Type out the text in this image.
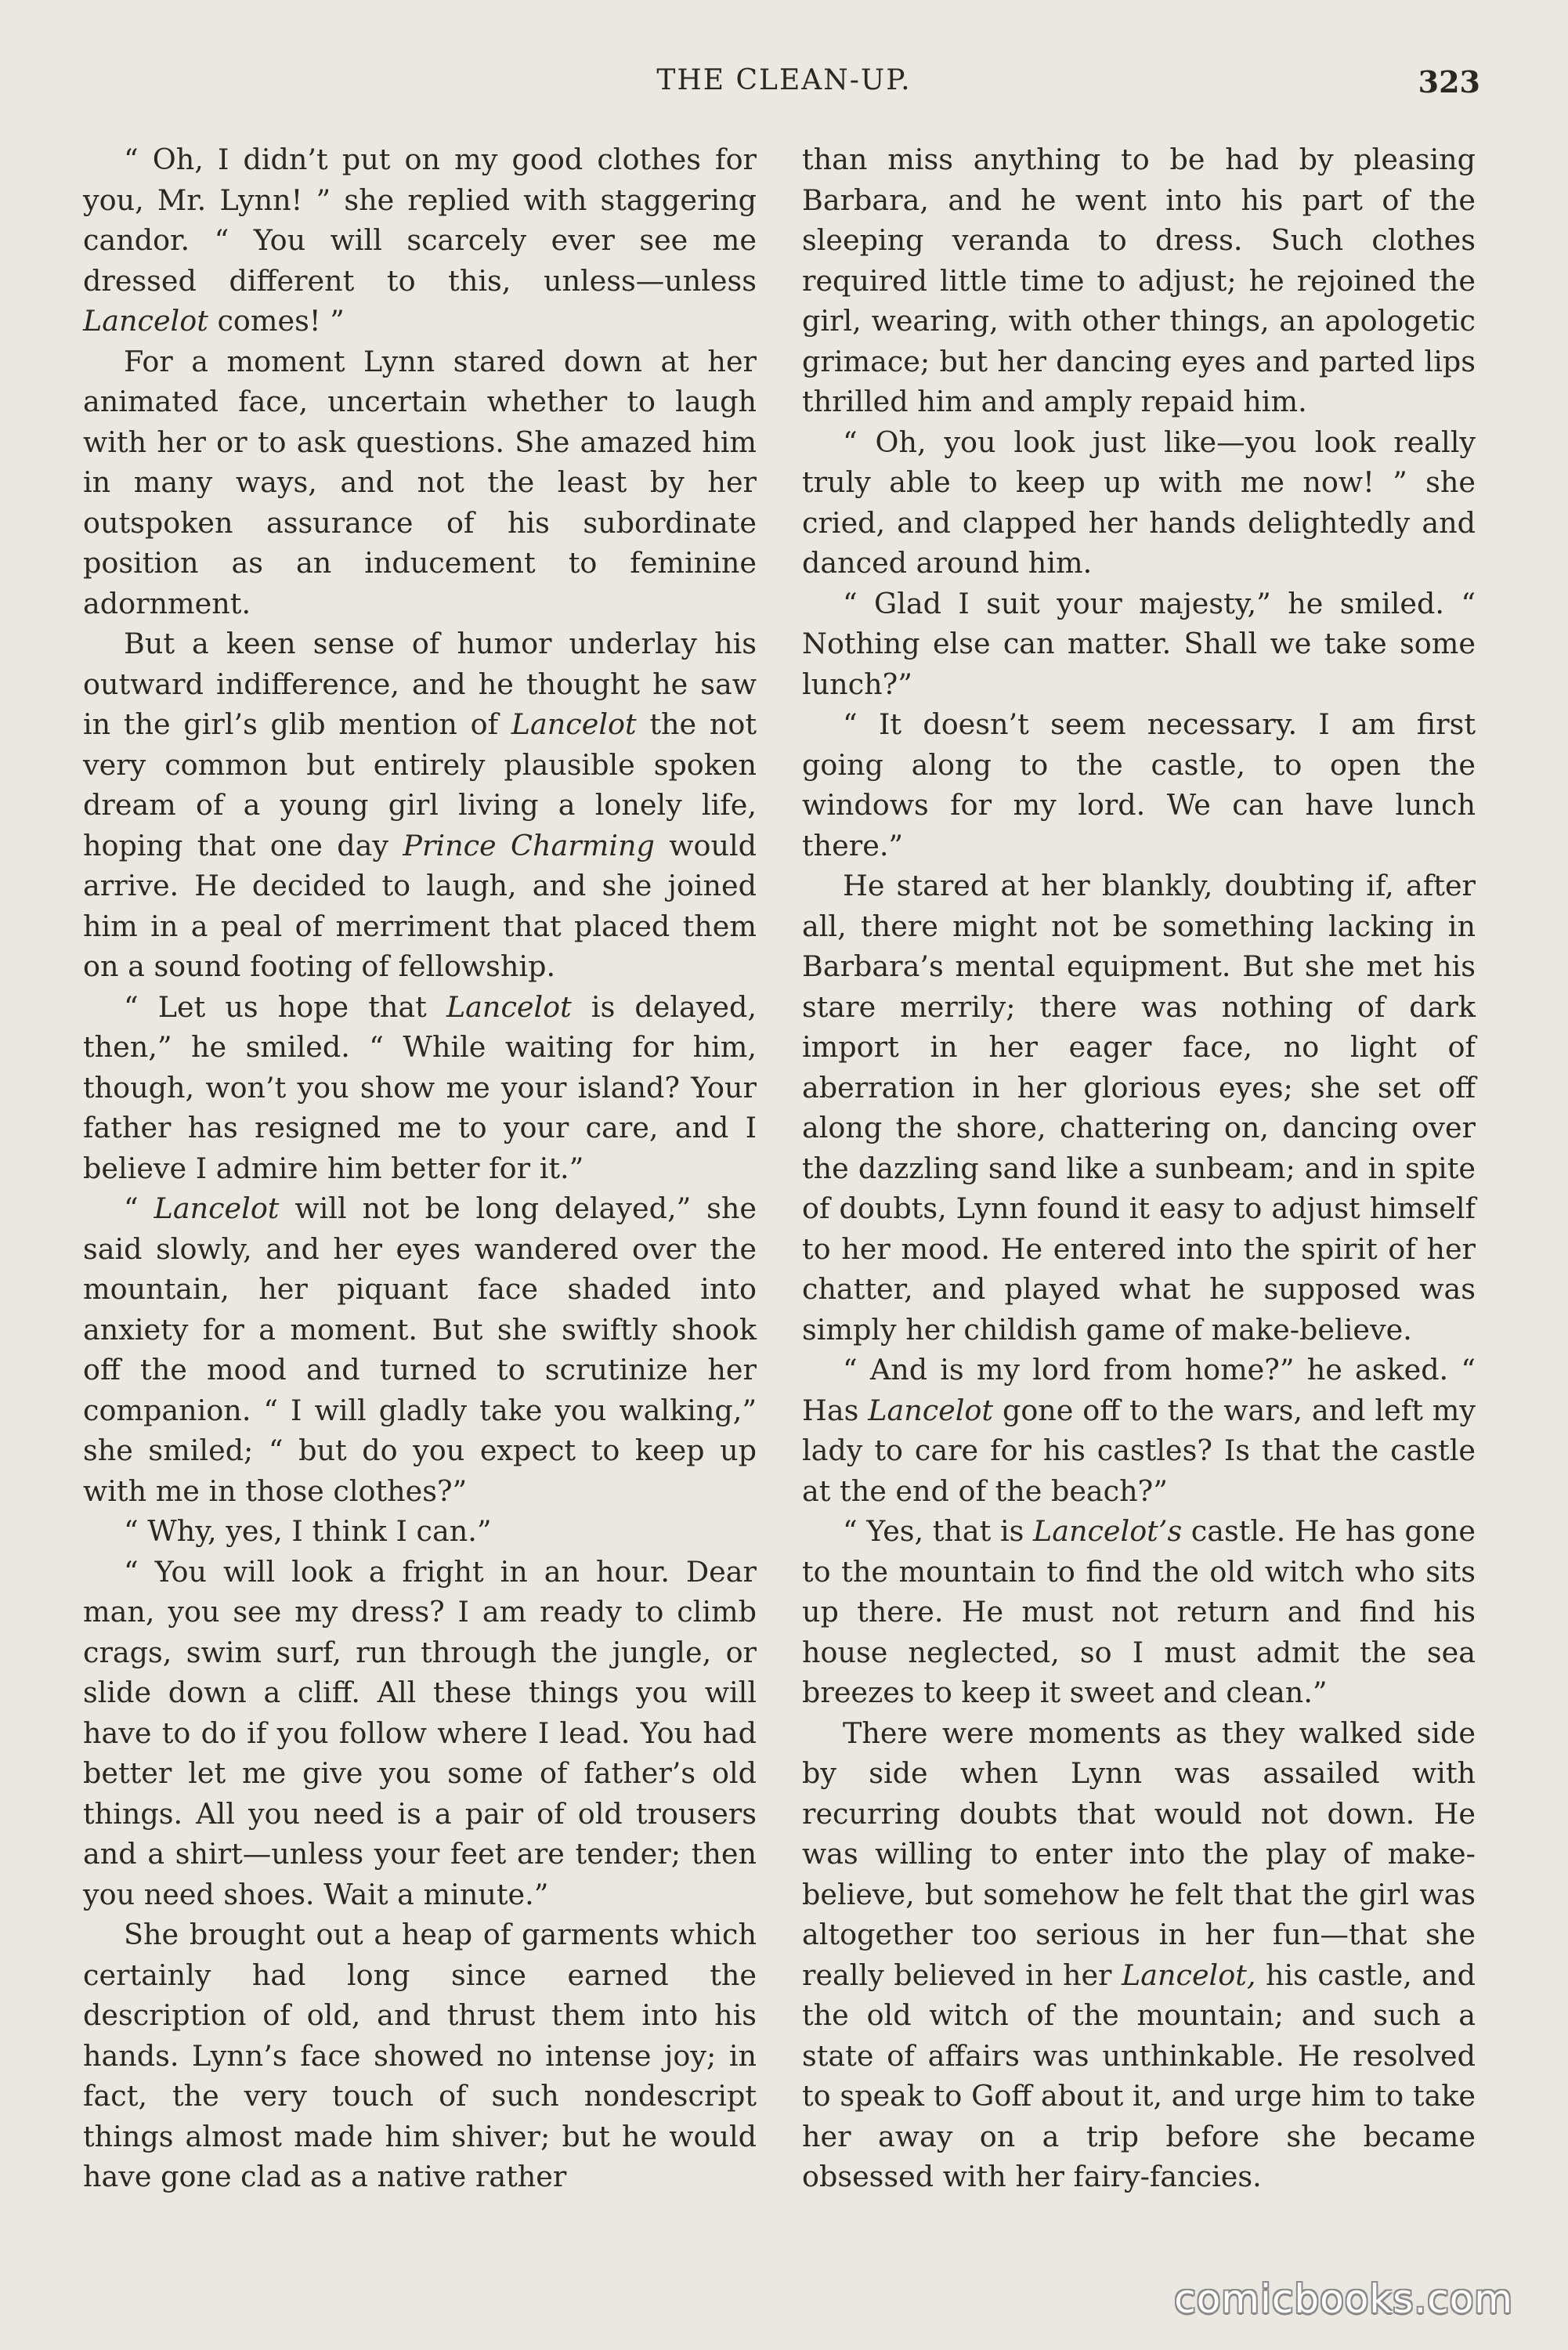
THE CLEAN-UP.	323

“ Oh, I didn’t put on my good clothes for you, Mr. Lynn! ” she replied with staggering candor. “ You will scarcely ever see me dressed different to this, unless—unless Lancelot comes! ”

For a moment Lynn stared down at her animated face, uncertain whether to laugh with her or to ask questions. She amazed him in many ways, and not the least by her outspoken assurance of his subordinate position as an inducement to feminine adornment.

But a keen sense of humor underlay his outward indifference, and he thought he saw in the girl’s glib mention of Lancelot the not very common but entirely plausible spoken dream of a young girl living a lonely life, hoping that one day Prince Charming would arrive. He decided to laugh, and she joined him in a peal of merriment that placed them on a sound footing of fellowship.

“ Let us hope that Lancelot is delayed, then,” he smiled. “ While waiting for him, though, won’t you show me your island? Your father has resigned me to your care, and I believe I admire him better for it.”

“ Lancelot will not be long delayed,” she said slowly, and her eyes wandered over the mountain, her piquant face shaded into anxiety for a moment. But she swiftly shook off the mood and turned to scrutinize her companion. “ I will gladly take you walking,” she smiled; “ but do you expect to keep up with me in those clothes?”

“ Why, yes, I think I can.”

“ You will look a fright in an hour. Dear man, you see my dress? I am ready to climb crags, swim surf, run through the jungle, or slide down a cliff. All these things you will have to do if you follow where I lead. You had better let me give you some of father’s old things. All you need is a pair of old trousers and a shirt—unless your feet are tender; then you need shoes. Wait a minute.”

She brought out a heap of garments which certainly had long since earned the description of old, and thrust them into his hands. Lynn’s face showed no intense joy; in fact, the very touch of such nondescript things almost made him shiver; but he would have gone clad as a native rather

than miss anything to be had by pleasing Barbara, and he went into his part of the sleeping veranda to dress. Such clothes required little time to adjust; he rejoined the girl, wearing, with other things, an apologetic grimace; but her dancing eyes and parted lips thrilled him and amply repaid him.

“ Oh, you look just like—you look really truly able to keep up with me now! ” she cried, and clapped her hands delightedly and danced around him.

“ Glad I suit your majesty,” he smiled. “ Nothing else can matter. Shall we take some lunch?”

“ It doesn’t seem necessary. I am first going along to the castle, to open the windows for my lord. We can have lunch there.”

He stared at her blankly, doubting if, after all, there might not be something lacking in Barbara’s mental equipment. But she met his stare merrily; there was nothing of dark import in her eager face, no light of aberration in her glorious eyes; she set off along the shore, chattering on, dancing over the dazzling sand like a sunbeam; and in spite of doubts, Lynn found it easy to adjust himself to her mood. He entered into the spirit of her chatter, and played what he supposed was simply her childish game of make-believe.

“ And is my lord from home?” he asked. “ Has Lancelot gone off to the wars, and left my lady to care for his castles? Is that the castle at the end of the beach?”

“ Yes, that is Lancelot’s castle. He has gone to the mountain to find the old witch who sits up there. He must not return and find his house neglected, so I must admit the sea breezes to keep it sweet and clean.”

There were moments as they walked side by side when Lynn was assailed with recurring doubts that would not down. He was willing to enter into the play of make-believe, but somehow he felt that the girl was altogether too serious in her fun—that she really believed in her Lancelot, his castle, and the old witch of the mountain; and such a state of affairs was unthinkable. He resolved to speak to Goff about it, and urge him to take her away on a trip before she became obsessed with her fairy-fancies.

comicbooks.com
